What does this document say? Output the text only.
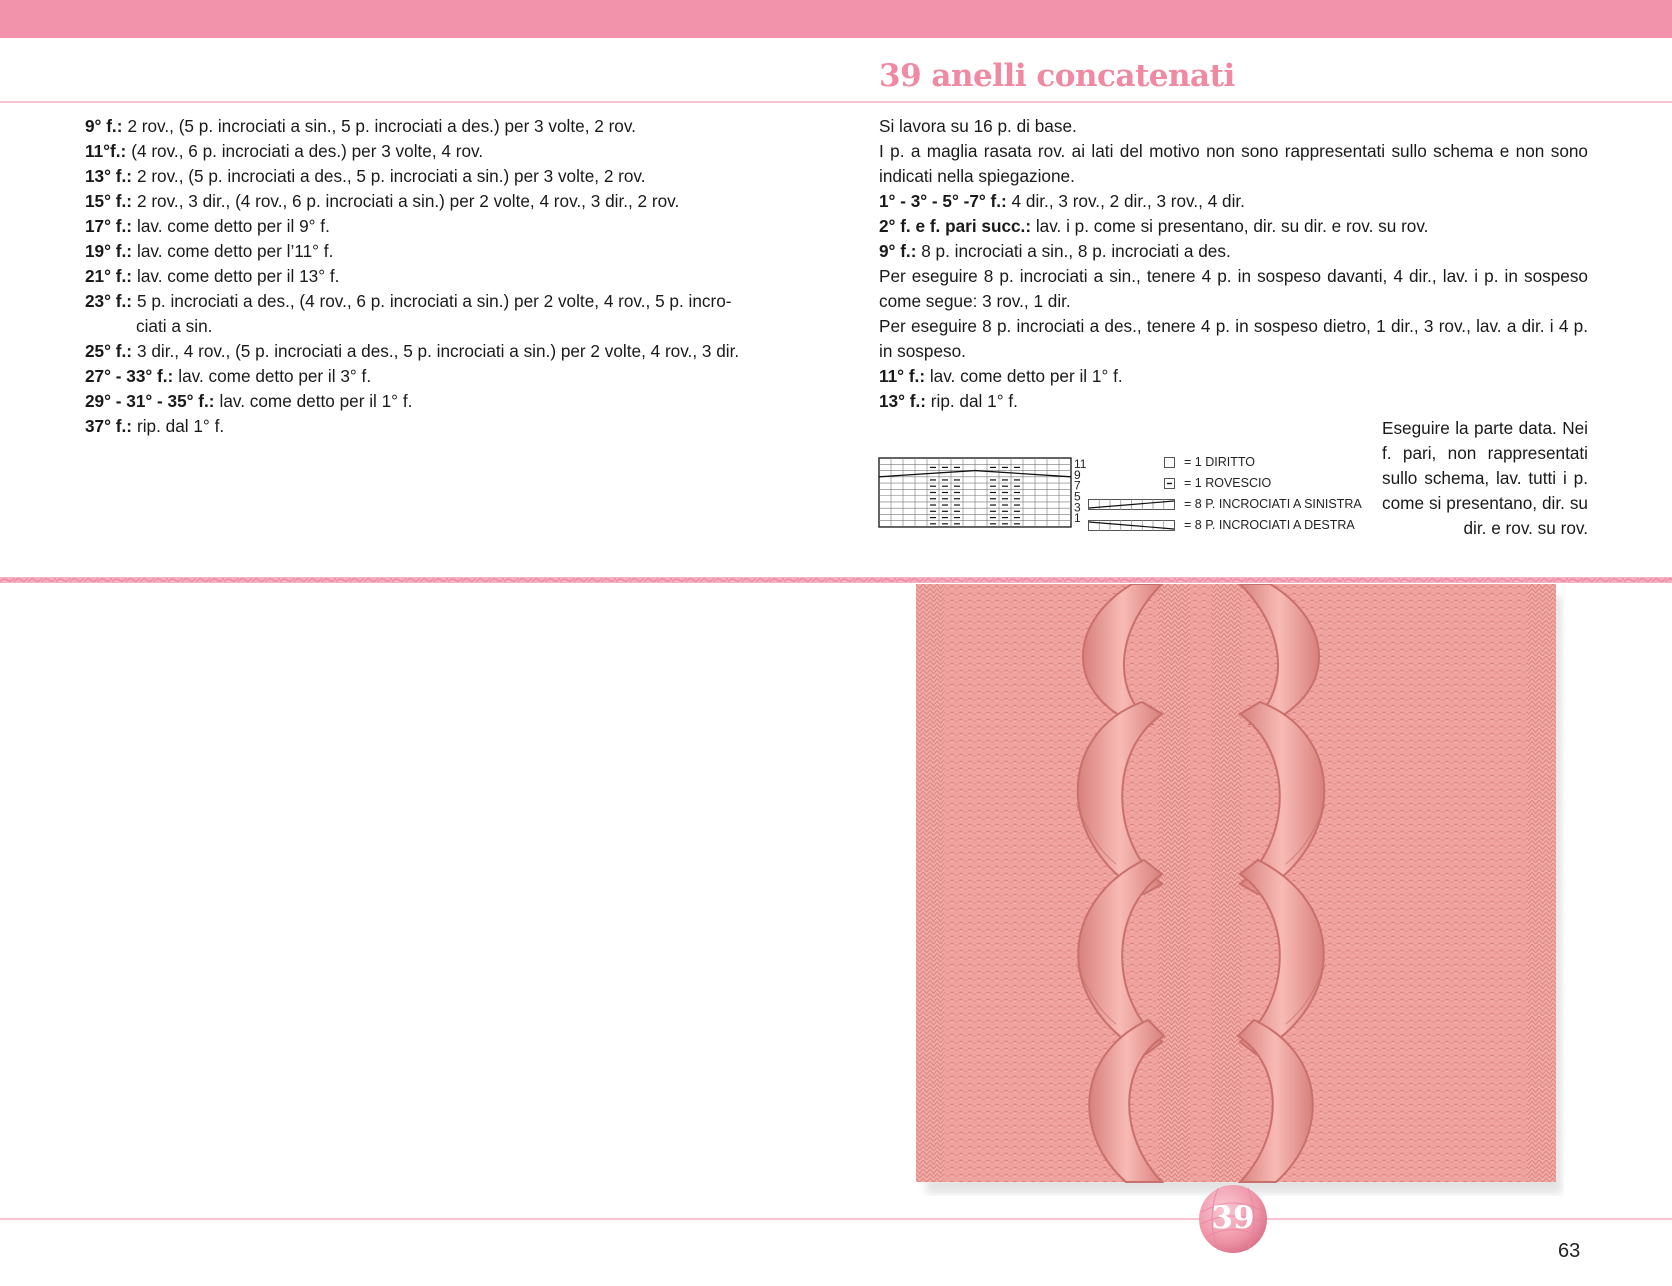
39 anelli concatenati
9° f.: 2 rov., (5 p. incrociati a sin., 5 p. incrociati a des.) per 3 volte, 2 rov.
11°f.: (4 rov., 6 p. incrociati a des.) per 3 volte, 4 rov.
13° f.: 2 rov., (5 p. incrociati a des., 5 p. incrociati a sin.) per 3 volte, 2 rov.
15° f.: 2 rov., 3 dir., (4 rov., 6 p. incrociati a sin.) per 2 volte, 4 rov., 3 dir., 2 rov.
17° f.: lav. come detto per il 9° f.
19° f.: lav. come detto per l’11° f.
21° f.: lav. come detto per il 13° f.
23° f.: 5 p. incrociati a des., (4 rov., 6 p. incrociati a sin.) per 2 volte, 4 rov., 5 p. incro-
ciati a sin.
25° f.: 3 dir., 4 rov., (5 p. incrociati a des., 5 p. incrociati a sin.) per 2 volte, 4 rov., 3 dir.
27° - 33° f.: lav. come detto per il 3° f.
29° - 31° - 35° f.: lav. come detto per il 1° f.
37° f.: rip. dal 1° f.

Si lavora su 16 p. di base.

I p. a maglia rasata rov. ai lati del motivo non sono rappresentati sullo schema e non sono indicati nella spiegazione.

1° - 3° - 5° -7° f.: 4 dir., 3 rov., 2 dir., 3 rov., 4 dir.

2° f. e f. pari succ.: lav. i p. come si presentano, dir. su dir. e rov. su rov.

9° f.: 8 p. incrociati a sin., 8 p. incrociati a des.

Per eseguire 8 p. incrociati a sin., tenere 4 p. in sospeso davanti, 4 dir., lav. i p. in sospeso come segue: 3 rov., 1 dir.

Per eseguire 8 p. incrociati a des., tenere 4 p. in sospeso dietro, 1 dir., 3 rov., lav. a dir. i 4 p. in sospeso.

11° f.: lav. come detto per il 1° f.

13° f.: rip. dal 1° f.

Eseguire la parte data. Nei f. pari, non rappresentati sullo schema, lav. tutti i p. come si presentano, dir. su dir. e rov. su rov.
11
9
7
5
3
1
= 1 DIRITTO
= 1 ROVESCIO
= 8 P. INCROCIATI A SINISTRA
= 8 P. INCROCIATI A DESTRA
39
63
